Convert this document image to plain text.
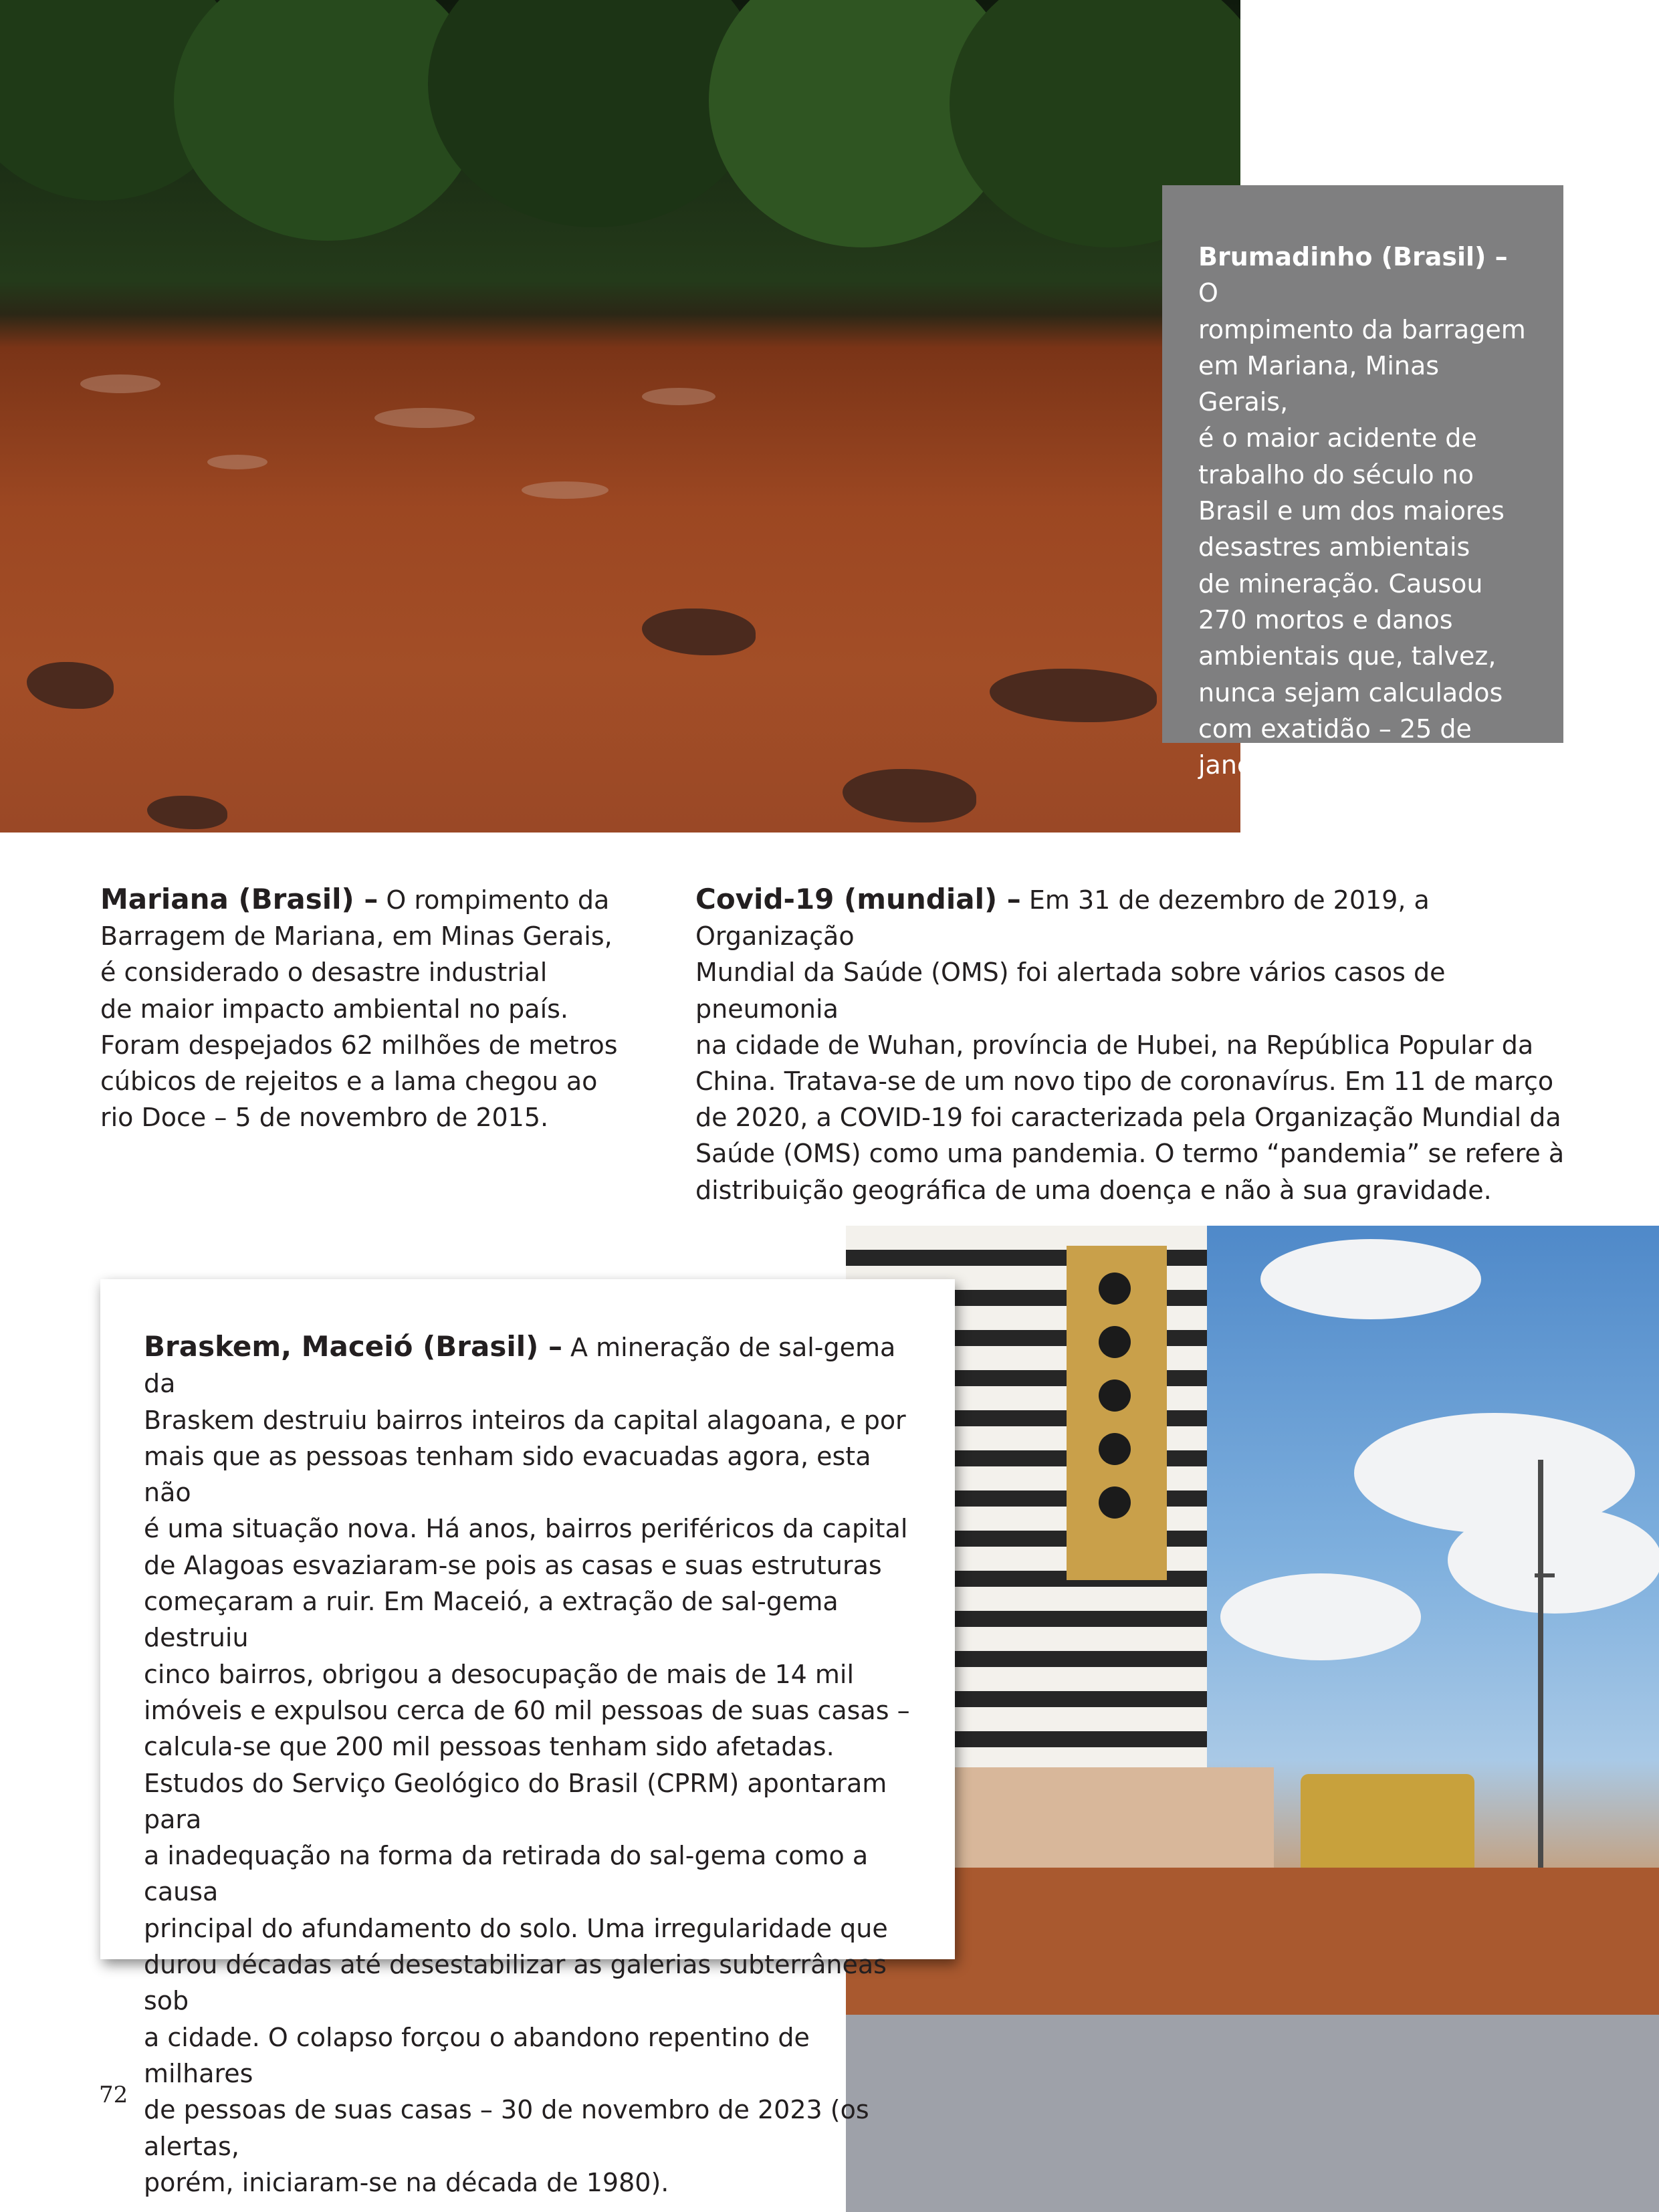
Brumadinho (Brasil) – O
rompimento da barragem
em Mariana, Minas Gerais,
é o maior acidente de
trabalho do século no
Brasil e um dos maiores
desastres ambientais
de mineração. Causou
270 mortos e danos
ambientais que, talvez,
nunca sejam calculados
com exatidão – 25 de
janeiro de 2019.

Mariana (Brasil) – O rompimento da
Barragem de Mariana, em Minas Gerais,
é considerado o desastre industrial
de maior impacto ambiental no país.
Foram despejados 62 milhões de metros
cúbicos de rejeitos e a lama chegou ao
rio Doce – 5 de novembro de 2015.

Covid-19 (mundial) – Em 31 de dezembro de 2019, a Organização
Mundial da Saúde (OMS) foi alertada sobre vários casos de pneumonia
na cidade de Wuhan, província de Hubei, na República Popular da
China. Tratava-se de um novo tipo de coronavírus. Em 11 de março
de 2020, a COVID-19 foi caracterizada pela Organização Mundial da
Saúde (OMS) como uma pandemia. O termo “pandemia” se refere à
distribuição geográfica de uma doença e não à sua gravidade.

Braskem, Maceió (Brasil) – A mineração de sal-gema da
Braskem destruiu bairros inteiros da capital alagoana, e por
mais que as pessoas tenham sido evacuadas agora, esta não
é uma situação nova. Há anos, bairros periféricos da capital
de Alagoas esvaziaram-se pois as casas e suas estruturas
começaram a ruir. Em Maceió, a extração de sal-gema destruiu
cinco bairros, obrigou a desocupação de mais de 14 mil
imóveis e expulsou cerca de 60 mil pessoas de suas casas –
calcula-se que 200 mil pessoas tenham sido afetadas.
Estudos do Serviço Geológico do Brasil (CPRM) apontaram para
a inadequação na forma da retirada do sal-gema como a causa
principal do afundamento do solo. Uma irregularidade que
durou décadas até desestabilizar as galerias subterrâneas sob
a cidade. O colapso forçou o abandono repentino de milhares
de pessoas de suas casas – 30 de novembro de 2023 (os alertas,
porém, iniciaram-se na década de 1980).

72
